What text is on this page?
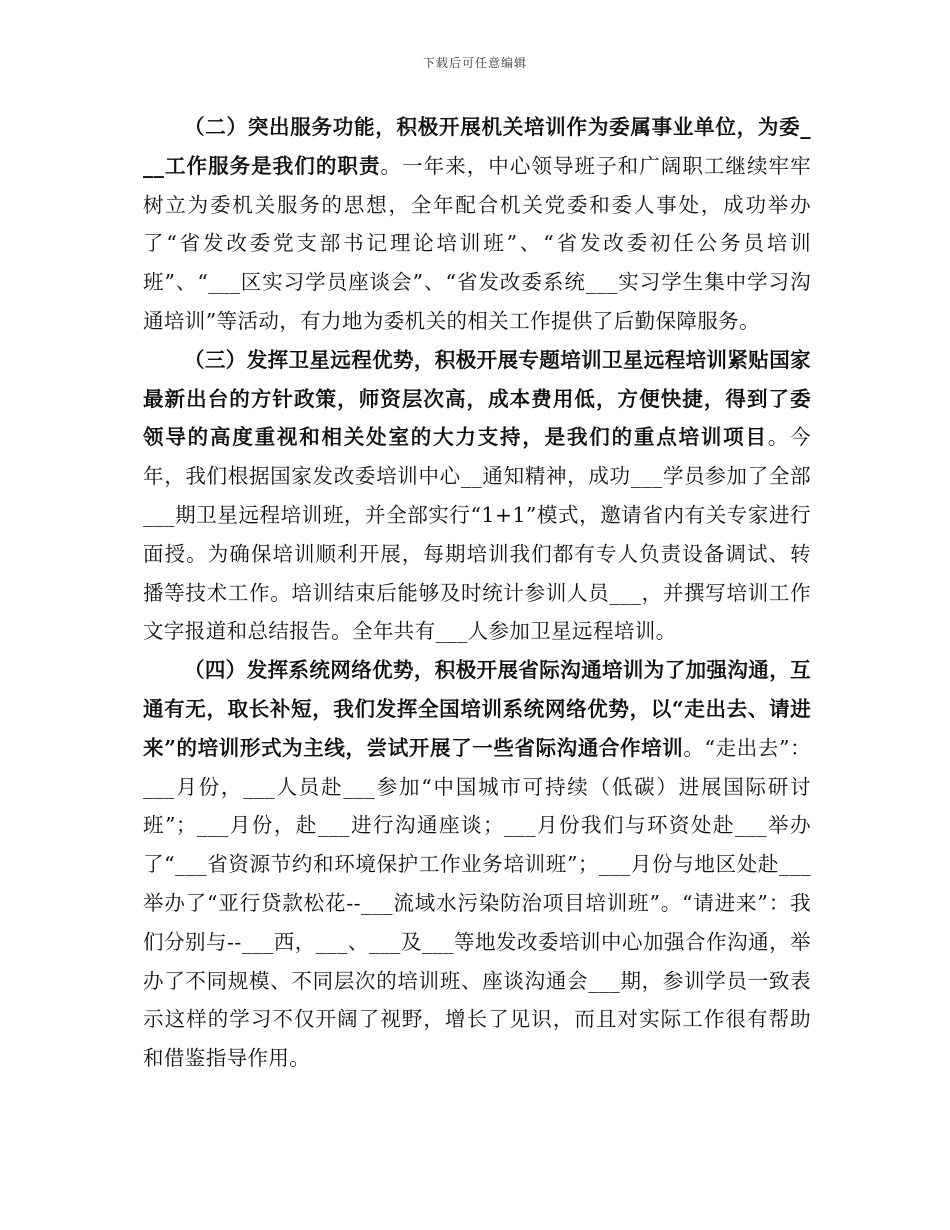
下载后可任意编辑

（二）突出服务功能，积极开展机关培训作为委属事业单位，为委___工作服务是我们的职责。一年来，中心领导班子和广阔职工继续牢牢树立为委机关服务的思想，全年配合机关党委和委人事处，成功举办了“省发改委党支部书记理论培训班”、“省发改委初任公务员培训班”、“___区实习学员座谈会”、“省发改委系统___实习学生集中学习沟通培训”等活动，有力地为委机关的相关工作提供了后勤保障服务。

（三）发挥卫星远程优势，积极开展专题培训卫星远程培训紧贴国家最新出台的方针政策，师资层次高，成本费用低，方便快捷，得到了委领导的高度重视和相关处室的大力支持，是我们的重点培训项目。今年，我们根据国家发改委培训中心__通知精神，成功___学员参加了全部___期卫星远程培训班，并全部实行“1+1”模式，邀请省内有关专家进行面授。为确保培训顺利开展，每期培训我们都有专人负责设备调试、转播等技术工作。培训结束后能够及时统计参训人员___，并撰写培训工作文字报道和总结报告。全年共有___人参加卫星远程培训。

（四）发挥系统网络优势，积极开展省际沟通培训为了加强沟通，互通有无，取长补短，我们发挥全国培训系统网络优势，以“走出去、请进来”的培训形式为主线，尝试开展了一些省际沟通合作培训。“走出去”：___月份，___人员赴___参加“中国城市可持续（低碳）进展国际研讨班”；___月份，赴___进行沟通座谈；___月份我们与环资处赴___举办了“___省资源节约和环境保护工作业务培训班”；___月份与地区处赴___举办了“亚行贷款松花--___流域水污染防治项目培训班”。“请进来”：我们分别与--___西，___、___及___等地发改委培训中心加强合作沟通，举办了不同规模、不同层次的培训班、座谈沟通会___期，参训学员一致表示这样的学习不仅开阔了视野，增长了见识，而且对实际工作很有帮助和借鉴指导作用。
